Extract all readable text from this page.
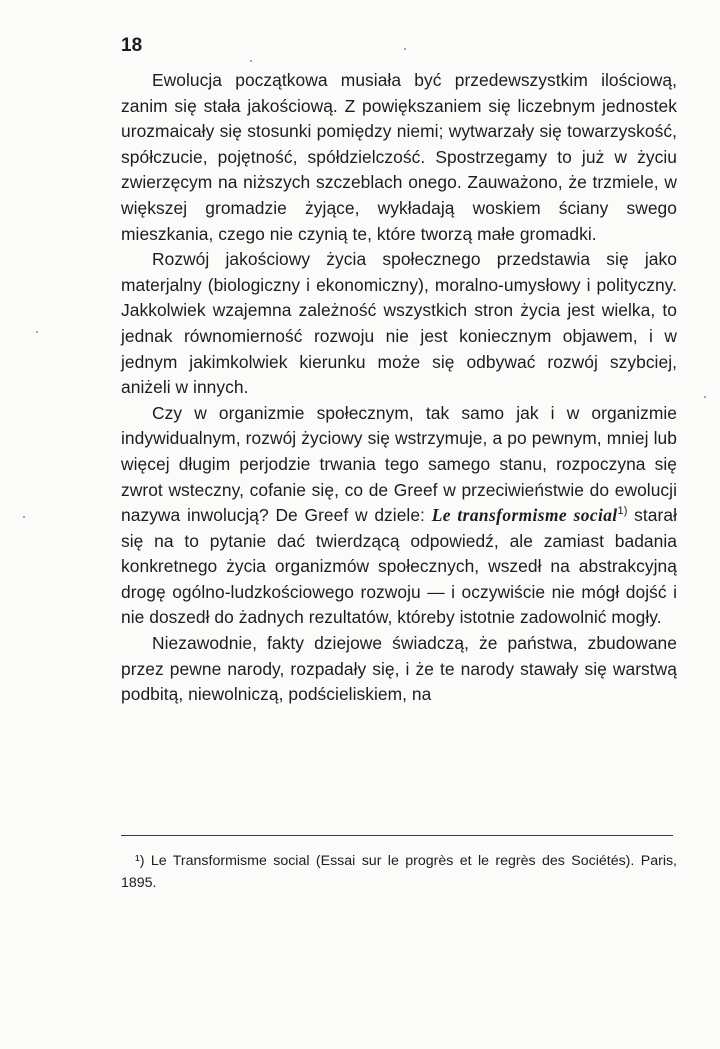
18

Ewolucja początkowa musiała być przedewszystkim ilościową, zanim się stała jakościową. Z powiększaniem się liczebnym jednostek urozmaicały się stosunki pomiędzy niemi; wytwarzały się towarzyskość, spółczucie, pojętność, spółdzielczość. Spostrzegamy to już w życiu zwierzęcym na niższych szczeblach onego. Zauważono, że trzmiele, w większej gromadzie żyjące, wykładają woskiem ściany swego mieszkania, czego nie czynią te, które tworzą małe gromadki.

Rozwój jakościowy życia społecznego przedstawia się jako materjalny (biologiczny i ekonomiczny), moralno-umysłowy i polityczny. Jakkolwiek wzajemna zależność wszystkich stron życia jest wielka, to jednak równomierność rozwoju nie jest koniecznym objawem, i w jednym jakimkolwiek kierunku może się odbywać rozwój szybciej, aniżeli w innych.

Czy w organizmie społecznym, tak samo jak i w organizmie indywidualnym, rozwój życiowy się wstrzymuje, a po pewnym, mniej lub więcej długim perjodzie trwania tego samego stanu, rozpoczyna się zwrot wsteczny, cofanie się, co de Greef w przeciwieństwie do ewolucji nazywa inwolucją? De Greef w dziele: Le transformisme social$^{1)}$ starał się na to pytanie dać twierdzącą odpowiedź, ale zamiast badania konkretnego życia organizmów społecznych, wszedł na abstrakcyjną drogę ogólno-ludzkościowego rozwoju — i oczywiście nie mógł dojść i nie doszedł do żadnych rezultatów, któreby istotnie zadowolnić mogły.

Niezawodnie, fakty dziejowe świadczą, że państwa, zbudowane przez pewne narody, rozpadały się, i że te narody stawały się warstwą podbitą, niewolniczą, podścieliskiem, na

¹) Le Transformisme social (Essai sur le progrès et le regrès des Sociétés). Paris, 1895.
